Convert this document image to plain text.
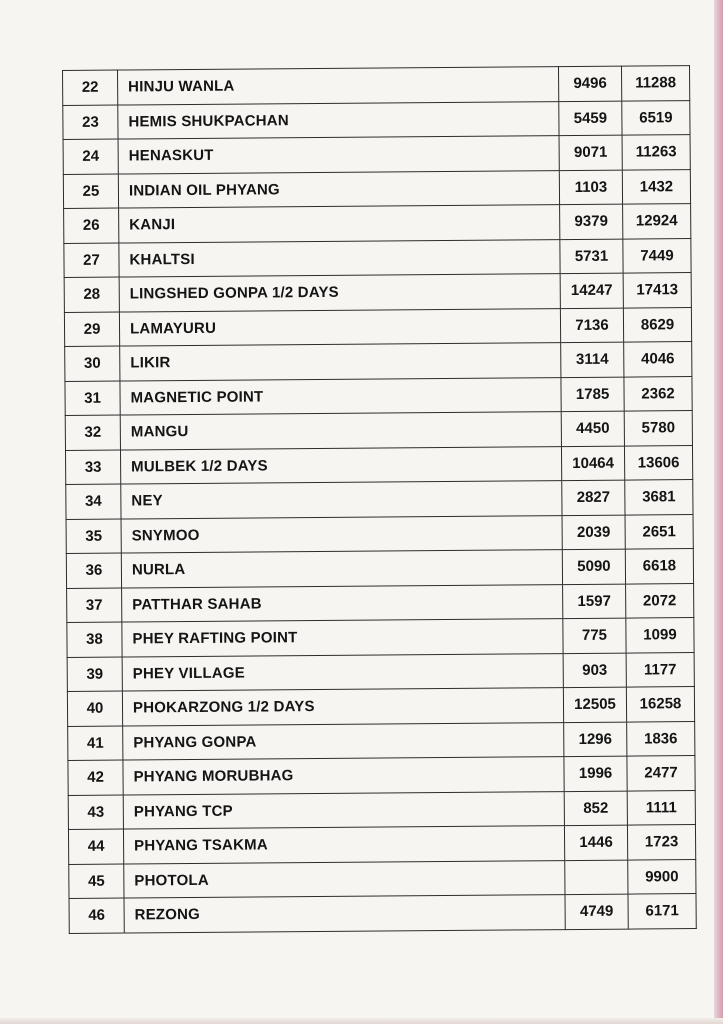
22	HINJU WANLA	9496	11288
23	HEMIS SHUKPACHAN	5459	6519
24	HENASKUT	9071	11263
25	INDIAN OIL PHYANG	1103	1432
26	KANJI	9379	12924
27	KHALTSI	5731	7449
28	LINGSHED GONPA 1/2 DAYS	14247	17413
29	LAMAYURU	7136	8629
30	LIKIR	3114	4046
31	MAGNETIC POINT	1785	2362
32	MANGU	4450	5780
33	MULBEK 1/2 DAYS	10464	13606
34	NEY	2827	3681
35	SNYMOO	2039	2651
36	NURLA	5090	6618
37	PATTHAR SAHAB	1597	2072
38	PHEY RAFTING POINT	775	1099
39	PHEY VILLAGE	903	1177
40	PHOKARZONG 1/2 DAYS	12505	16258
41	PHYANG GONPA	1296	1836
42	PHYANG MORUBHAG	1996	2477
43	PHYANG TCP	852	1111
44	PHYANG TSAKMA	1446	1723
45	PHOTOLA		9900
46	REZONG	4749	6171
